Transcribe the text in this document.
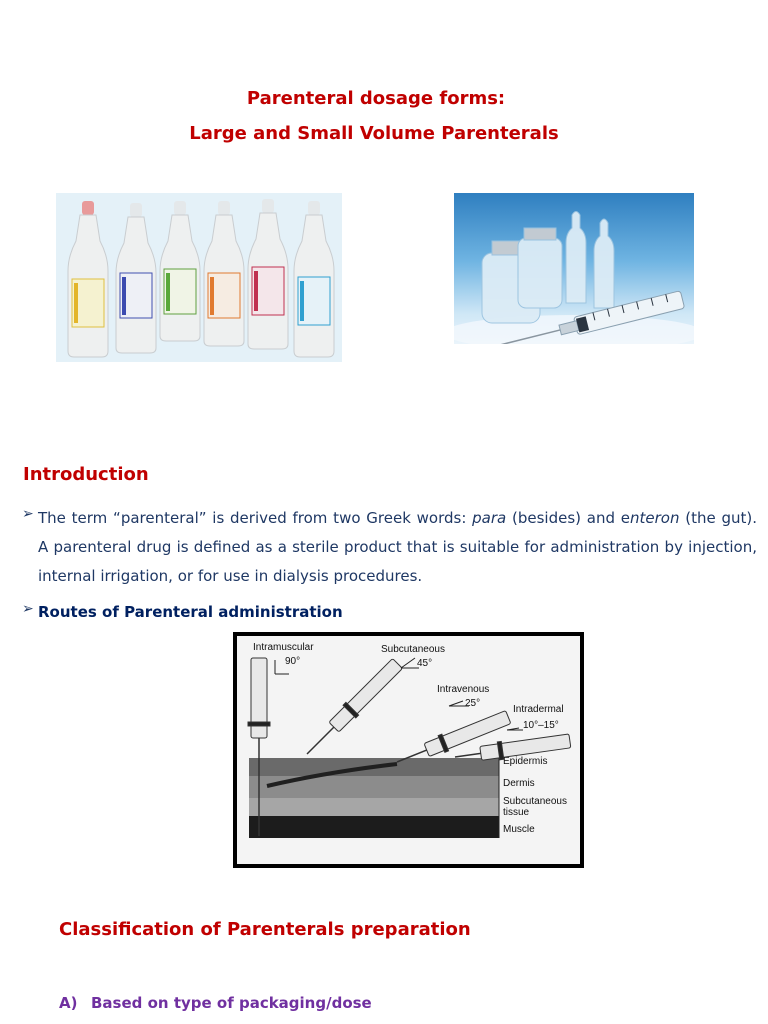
Parenteral dosage forms:
Large and Small Volume Parenterals
Introduction
➢ The term “parenteral” is derived from two Greek words: para (besides) and enteron (the gut). A parenteral drug is defined as a sterile product that is suitable for administration by injection, internal irrigation, or for use in dialysis procedures.
➢ Routes of Parenteral administration
Intramuscular
90°
Subcutaneous
45°
Intravenous
25°
Intradermal
10°–15°
Epidermis
Dermis
Subcutaneous
tissue
Muscle
Classification of Parenterals preparation
A) Based on type of packaging/dose
